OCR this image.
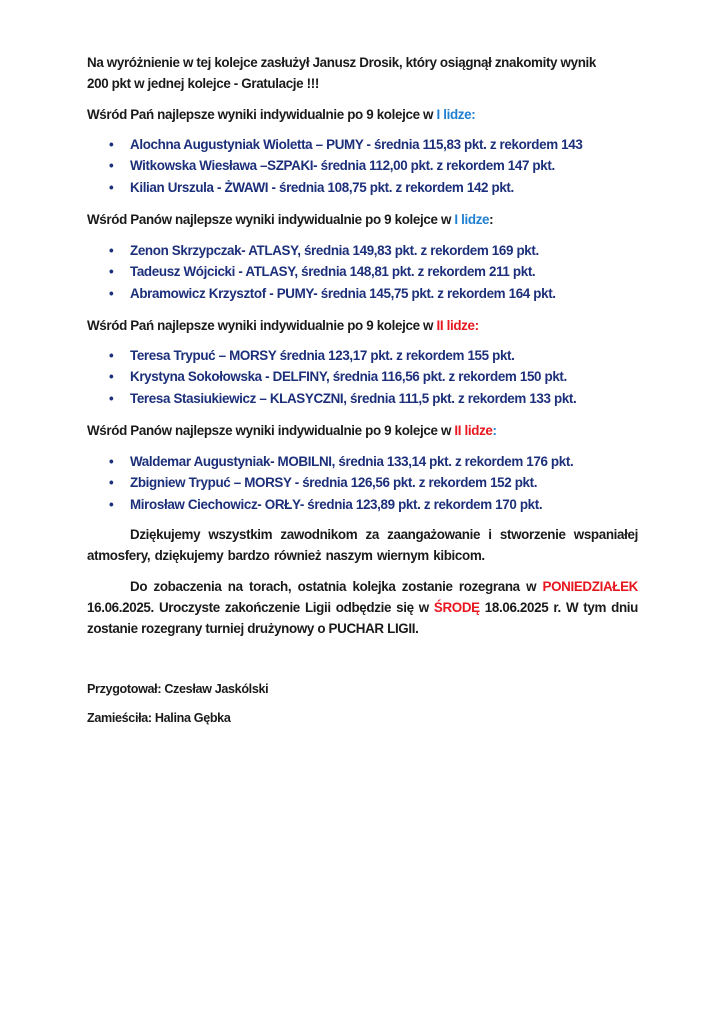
Na wyróżnienie w tej kolejce zasłużył Janusz Drosik, który osiągnął znakomity wynik

200 pkt w jednej kolejce - Gratulacje !!!

Wśród Pań najlepsze wyniki indywidualnie po 9 kolejce w I lidze:

• Alochna Augustyniak Wioletta – PUMY - średnia 115,83 pkt. z rekordem 143
• Witkowska Wiesława –SZPAKI- średnia 112,00 pkt. z rekordem 147 pkt.
• Kilian Urszula - ŻWAWI - średnia 108,75 pkt. z rekordem 142 pkt.

Wśród Panów najlepsze wyniki indywidualnie po 9 kolejce w I lidze:

• Zenon Skrzypczak- ATLASY, średnia 149,83 pkt. z rekordem 169 pkt.
• Tadeusz Wójcicki - ATLASY, średnia 148,81 pkt. z rekordem 211 pkt.
• Abramowicz Krzysztof - PUMY- średnia 145,75 pkt. z rekordem 164 pkt.

Wśród Pań najlepsze wyniki indywidualnie po 9 kolejce w II lidze:

• Teresa Trypuć – MORSY średnia 123,17 pkt. z rekordem 155 pkt.
• Krystyna Sokołowska - DELFINY, średnia 116,56 pkt. z rekordem 150 pkt.
• Teresa Stasiukiewicz – KLASYCZNI, średnia 111,5 pkt. z rekordem 133 pkt.

Wśród Panów najlepsze wyniki indywidualnie po 9 kolejce w II lidze:

• Waldemar Augustyniak- MOBILNI, średnia 133,14 pkt. z rekordem 176 pkt.
• Zbigniew Trypuć – MORSY - średnia 126,56 pkt. z rekordem 152 pkt.
• Mirosław Ciechowicz- ORŁY- średnia 123,89 pkt. z rekordem 170 pkt.

Dziękujemy wszystkim zawodnikom za zaangażowanie i stworzenie wspaniałej atmosfery, dziękujemy bardzo również naszym wiernym kibicom.

Do zobaczenia na torach, ostatnia kolejka zostanie rozegrana w PONIEDZIAŁEK 16.06.2025. Uroczyste zakończenie Ligii odbędzie się w ŚRODĘ 18.06.2025 r. W tym dniu zostanie rozegrany turniej drużynowy o PUCHAR LIGII.

Przygotował: Czesław Jaskólski

Zamieściła: Halina Gębka
